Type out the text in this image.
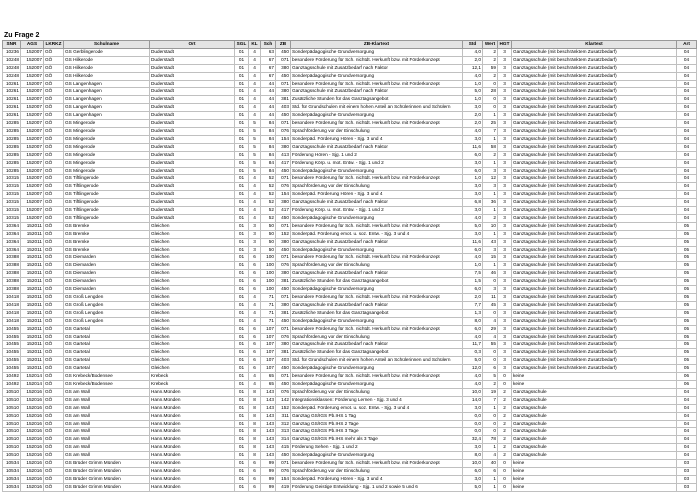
Zu Frage 2
SNR	AGS	LKRKZ	Schulname	Ort	SGL	KL	Sch	ZB	ZB-Klartext	Std	Wert	HGT	Klartext	Art
10236	152007	GÖ	GS Gerblingerode	Duderstadt	01	4	63	450	Sonderpädagogische Grundversorgung	4,0	2	3	Ganztagsschule (mit beschränktem Zusatzbedarf)	04
10248	152007	GÖ	GS Hilkerode	Duderstadt	01	4	67	071	besondere Förderung für Sch. nichtdt. Herkunft bzw. mit Förderkonzept	2,0	2	3	Ganztagsschule (mit beschränktem Zusatzbedarf)	04
10248	152007	GÖ	GS Hilkerode	Duderstadt	01	4	67	380	Ganztagsschule mit Zusatzbedarf nach Faktor	12,1	59	3	Ganztagsschule (mit beschränktem Zusatzbedarf)	04
10248	152007	GÖ	GS Hilkerode	Duderstadt	01	4	67	450	Sonderpädagogische Grundversorgung	4,0	2	3	Ganztagsschule (mit beschränktem Zusatzbedarf)	04
10261	152007	GÖ	GS Langenhagen	Duderstadt	01	4	44	071	besondere Förderung für Sch. nichtdt. Herkunft bzw. mit Förderkonzept	1,0	0	3	Ganztagsschule (mit beschränktem Zusatzbedarf)	04
10261	152007	GÖ	GS Langenhagen	Duderstadt	01	4	44	380	Ganztagsschule mit Zusatzbedarf nach Faktor	5,0	28	3	Ganztagsschule (mit beschränktem Zusatzbedarf)	04
10261	152007	GÖ	GS Langenhagen	Duderstadt	01	4	44	381	Zusätzliche Stunden für das Ganztagsangebot	1,0	0	3	Ganztagsschule (mit beschränktem Zusatzbedarf)	04
10261	152007	GÖ	GS Langenhagen	Duderstadt	01	4	44	403	Std. für Grundschulen mit einem hohen Anteil an Schülerinnen und Schülern	3,0	0	3	Ganztagsschule (mit beschränktem Zusatzbedarf)	04
10261	152007	GÖ	GS Langenhagen	Duderstadt	01	4	44	450	Sonderpädagogische Grundversorgung	2,0	1	3	Ganztagsschule (mit beschränktem Zusatzbedarf)	04
10285	152007	GÖ	GS Mingerode	Duderstadt	01	5	84	071	besondere Förderung für Sch. nichtdt. Herkunft bzw. mit Förderkonzept	2,0	25	3	Ganztagsschule (mit beschränktem Zusatzbedarf)	04
10285	152007	GÖ	GS Mingerode	Duderstadt	01	5	84	076	Sprachförderung vor der Einschulung	4,0	7	3	Ganztagsschule (mit beschränktem Zusatzbedarf)	04
10285	152007	GÖ	GS Mingerode	Duderstadt	01	5	84	154	Sonderpäd. Förderung Hören - Sjg. 3 und 4	3,0	1	3	Ganztagsschule (mit beschränktem Zusatzbedarf)	04
10285	152007	GÖ	GS Mingerode	Duderstadt	01	5	84	380	Ganztagsschule mit Zusatzbedarf nach Faktor	11,6	58	3	Ganztagsschule (mit beschränktem Zusatzbedarf)	04
10285	152007	GÖ	GS Mingerode	Duderstadt	01	5	84	413	Förderung Hören - Sjg. 1 und 2	6,0	2	3	Ganztagsschule (mit beschränktem Zusatzbedarf)	04
10285	152007	GÖ	GS Mingerode	Duderstadt	01	5	84	417	Förderung Körp. u. mot. Entw. - Sjg. 1 und 2	3,0	1	3	Ganztagsschule (mit beschränktem Zusatzbedarf)	04
10285	152007	GÖ	GS Mingerode	Duderstadt	01	5	84	450	Sonderpädagogische Grundversorgung	6,0	3	3	Ganztagsschule (mit beschränktem Zusatzbedarf)	04
10315	152007	GÖ	GS Tiftlingerode	Duderstadt	01	4	52	071	besondere Förderung für Sch. nichtdt. Herkunft bzw. mit Förderkonzept	1,0	12	3	Ganztagsschule (mit beschränktem Zusatzbedarf)	04
10315	152007	GÖ	GS Tiftlingerode	Duderstadt	01	4	52	076	Sprachförderung vor der Einschulung	3,0	3	3	Ganztagsschule (mit beschränktem Zusatzbedarf)	04
10315	152007	GÖ	GS Tiftlingerode	Duderstadt	01	4	52	154	Sonderpäd. Förderung Hören - Sjg. 3 und 4	3,0	1	3	Ganztagsschule (mit beschränktem Zusatzbedarf)	04
10315	152007	GÖ	GS Tiftlingerode	Duderstadt	01	4	52	380	Ganztagsschule mit Zusatzbedarf nach Faktor	6,8	36	3	Ganztagsschule (mit beschränktem Zusatzbedarf)	04
10315	152007	GÖ	GS Tiftlingerode	Duderstadt	01	4	52	417	Förderung Körp. u. mot. Entw. - Sjg. 1 und 2	3,0	1	3	Ganztagsschule (mit beschränktem Zusatzbedarf)	04
10315	152007	GÖ	GS Tiftlingerode	Duderstadt	01	4	52	450	Sonderpädagogische Grundversorgung	4,0	2	3	Ganztagsschule (mit beschränktem Zusatzbedarf)	04
10364	152011	GÖ	GS Bremke	Gleichen	01	3	50	071	besondere Förderung für Sch. nichtdt. Herkunft bzw. mit Förderkonzept	5,0	10	3	Ganztagsschule (mit beschränktem Zusatzbedarf)	05
10364	152011	GÖ	GS Bremke	Gleichen	01	3	50	152	Sonderpäd. Förderung emot. u. soz. Entw. - Sjg. 3 und 4	3,0	1	3	Ganztagsschule (mit beschränktem Zusatzbedarf)	05
10364	152011	GÖ	GS Bremke	Gleichen	01	3	50	380	Ganztagsschule mit Zusatzbedarf nach Faktor	11,6	43	3	Ganztagsschule (mit beschränktem Zusatzbedarf)	05
10364	152011	GÖ	GS Bremke	Gleichen	01	3	50	450	Sonderpädagogische Grundversorgung	6,0	3	3	Ganztagsschule (mit beschränktem Zusatzbedarf)	05
10388	152011	GÖ	GS Diemarden	Gleichen	01	6	100	071	besondere Förderung für Sch. nichtdt. Herkunft bzw. mit Förderkonzept	4,0	15	3	Ganztagsschule (mit beschränktem Zusatzbedarf)	05
10388	152011	GÖ	GS Diemarden	Gleichen	01	6	100	076	Sprachförderung vor der Einschulung	1,0	1	3	Ganztagsschule (mit beschränktem Zusatzbedarf)	05
10388	152011	GÖ	GS Diemarden	Gleichen	01	6	100	380	Ganztagsschule mit Zusatzbedarf nach Faktor	7,5	46	3	Ganztagsschule (mit beschränktem Zusatzbedarf)	05
10388	152011	GÖ	GS Diemarden	Gleichen	01	6	100	381	Zusätzliche Stunden für das Ganztagsangebot	1,5	0	3	Ganztagsschule (mit beschränktem Zusatzbedarf)	05
10388	152011	GÖ	GS Diemarden	Gleichen	01	6	100	450	Sonderpädagogische Grundversorgung	6,0	3	3	Ganztagsschule (mit beschränktem Zusatzbedarf)	05
10418	152011	GÖ	GS Groß Lengden	Gleichen	01	4	71	071	besondere Förderung für Sch. nichtdt. Herkunft bzw. mit Förderkonzept	2,0	11	3	Ganztagsschule (mit beschränktem Zusatzbedarf)	05
10418	152011	GÖ	GS Groß Lengden	Gleichen	01	4	71	380	Ganztagsschule mit Zusatzbedarf nach Faktor	7,7	45	3	Ganztagsschule (mit beschränktem Zusatzbedarf)	05
10418	152011	GÖ	GS Groß Lengden	Gleichen	01	4	71	381	Zusätzliche Stunden für das Ganztagsangebot	1,3	0	3	Ganztagsschule (mit beschränktem Zusatzbedarf)	05
10418	152011	GÖ	GS Groß Lengden	Gleichen	01	4	71	450	Sonderpädagogische Grundversorgung	8,0	4	3	Ganztagsschule (mit beschränktem Zusatzbedarf)	05
10455	152011	GÖ	GS Gartetal	Gleichen	01	6	107	071	besondere Förderung für Sch. nichtdt. Herkunft bzw. mit Förderkonzept	6,0	29	3	Ganztagsschule (mit beschränktem Zusatzbedarf)	05
10455	152011	GÖ	GS Gartetal	Gleichen	01	6	107	076	Sprachförderung vor der Einschulung	4,0	4	3	Ganztagsschule (mit beschränktem Zusatzbedarf)	05
10455	152011	GÖ	GS Gartetal	Gleichen	01	6	107	380	Ganztagsschule mit Zusatzbedarf nach Faktor	11,7	55	3	Ganztagsschule (mit beschränktem Zusatzbedarf)	05
10455	152011	GÖ	GS Gartetal	Gleichen	01	6	107	381	Zusätzliche Stunden für das Ganztagsangebot	0,3	0	3	Ganztagsschule (mit beschränktem Zusatzbedarf)	05
10455	152011	GÖ	GS Gartetal	Gleichen	01	6	107	403	Std. für Grundschulen mit einem hohen Anteil an Schülerinnen und Schülern	5,0	0	3	Ganztagsschule (mit beschränktem Zusatzbedarf)	05
10455	152011	GÖ	GS Gartetal	Gleichen	01	6	107	450	Sonderpädagogische Grundversorgung	12,0	6	3	Ganztagsschule (mit beschränktem Zusatzbedarf)	05
10492	152014	GÖ	GS Krebeck/Bodensee	Krebeck	01	4	65	071	besondere Förderung für Sch. nichtdt. Herkunft bzw. mit Förderkonzept	4,0	5	0	keine	06
10492	152014	GÖ	GS Krebeck/Bodensee	Krebeck	01	4	65	450	Sonderpädagogische Grundversorgung	4,0	2	0	keine	06
10510	152016	GÖ	GS am Wall	Hann.Münden	01	8	143	076	Sprachförderung vor der Einschulung	10,0	19	2	Ganztagsschule	04
10510	152016	GÖ	GS am Wall	Hann.Münden	01	8	143	142	Integrationsklassen: Förderung Lernen - Sjg. 3 und 4	14,0	7	2	Ganztagsschule	04
10510	152016	GÖ	GS am Wall	Hann.Münden	01	8	143	152	Sonderpäd. Förderung emot. u. soz. Entw. - Sjg. 3 und 4	3,0	1	2	Ganztagsschule	04
10510	152016	GÖ	GS am Wall	Hann.Münden	01	8	143	311	Ganztag GS/IGS Pb.IHS 1 Tag	0,0	0	2	Ganztagsschule	04
10510	152016	GÖ	GS am Wall	Hann.Münden	01	8	143	312	Ganztag GS/IGS Pb.IHS 2 Tage	0,0	0	2	Ganztagsschule	04
10510	152016	GÖ	GS am Wall	Hann.Münden	01	8	143	313	Ganztag GS/IGS Pb.IHS 3 Tage	0,0	0	2	Ganztagsschule	04
10510	152016	GÖ	GS am Wall	Hann.Münden	01	8	143	314	Ganztag GS/IGS Pb.IHS mehr als 3 Tage	32,4	78	2	Ganztagsschule	04
10510	152016	GÖ	GS am Wall	Hann.Münden	01	8	143	415	Förderung Sehen - Sjg. 1 und 2	3,0	1	2	Ganztagsschule	04
10510	152016	GÖ	GS am Wall	Hann.Münden	01	8	143	450	Sonderpädagogische Grundversorgung	8,0	4	2	Ganztagsschule	04
10534	152016	GÖ	GS Brüder Grimm Münden	Hann.Münden	01	6	99	071	besondere Förderung für Sch. nichtdt. Herkunft bzw. mit Förderkonzept	10,0	40	0	keine	03
10534	152016	GÖ	GS Brüder Grimm Münden	Hann.Münden	01	6	99	076	Sprachförderung vor der Einschulung	6,0	6	0	keine	03
10534	152016	GÖ	GS Brüder Grimm Münden	Hann.Münden	01	6	99	154	Sonderpäd. Förderung Hören - Sjg. 3 und 4	3,0	1	0	keine	03
10534	152016	GÖ	GS Brüder Grimm Münden	Hann.Münden	01	6	99	419	Förderung Geistige Entwicklung - Sjg. 1 und 2 sowie 5 und 6	5,0	1	0	keine	03
